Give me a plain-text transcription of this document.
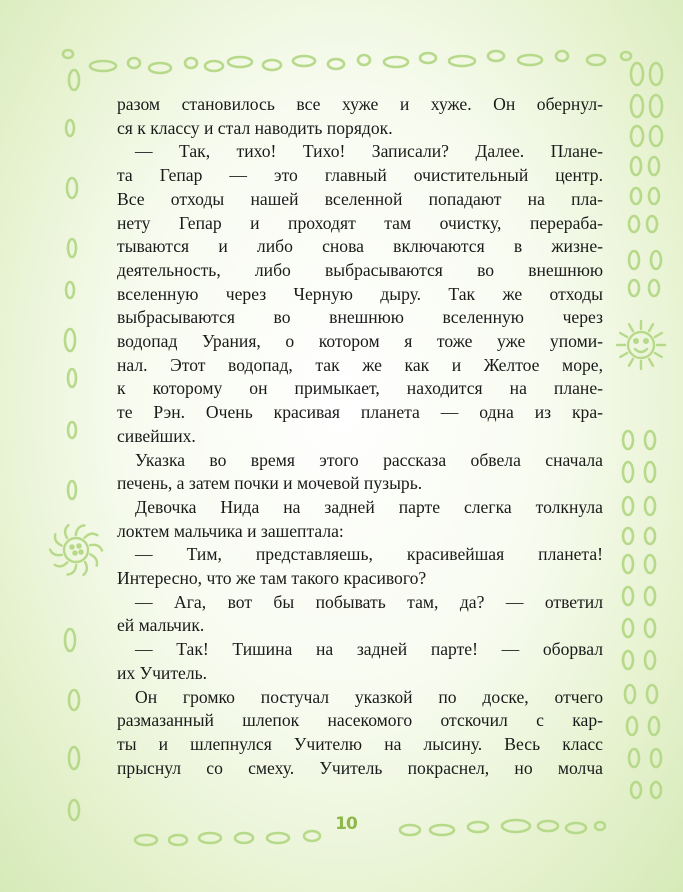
разом становилось все хуже и хуже. Он обернул-

ся к классу и стал наводить порядок.

— Так, тихо! Тихо! Записали? Далее. Плане-

та Гепар — это главный очистительный центр.

Все отходы нашей вселенной попадают на пла-

нету Гепар и проходят там очистку, перераба-

тываются и либо снова включаются в жизне-

деятельность, либо выбрасываются во внешнюю

вселенную через Черную дыру. Так же отходы

выбрасываются во внешнюю вселенную через

водопад Урания, о котором я тоже уже упоми-

нал. Этот водопад, так же как и Желтое море,

к которому он примыкает, находится на плане-

те Рэн. Очень красивая планета — одна из кра-

сивейших.

Указка во время этого рассказа обвела сначала

печень, а затем почки и мочевой пузырь.

Девочка Нида на задней парте слегка толкнула

локтем мальчика и зашептала:

— Тим, представляешь, красивейшая планета!

Интересно, что же там такого красивого?

— Ага, вот бы побывать там, да? — ответил

ей мальчик.

— Так! Тишина на задней парте! — оборвал

их Учитель.

Он громко постучал указкой по доске, отчего

размазанный шлепок насекомого отскочил с кар-

ты и шлепнулся Учителю на лысину. Весь класс

прыснул со смеху. Учитель покраснел, но молча

10
